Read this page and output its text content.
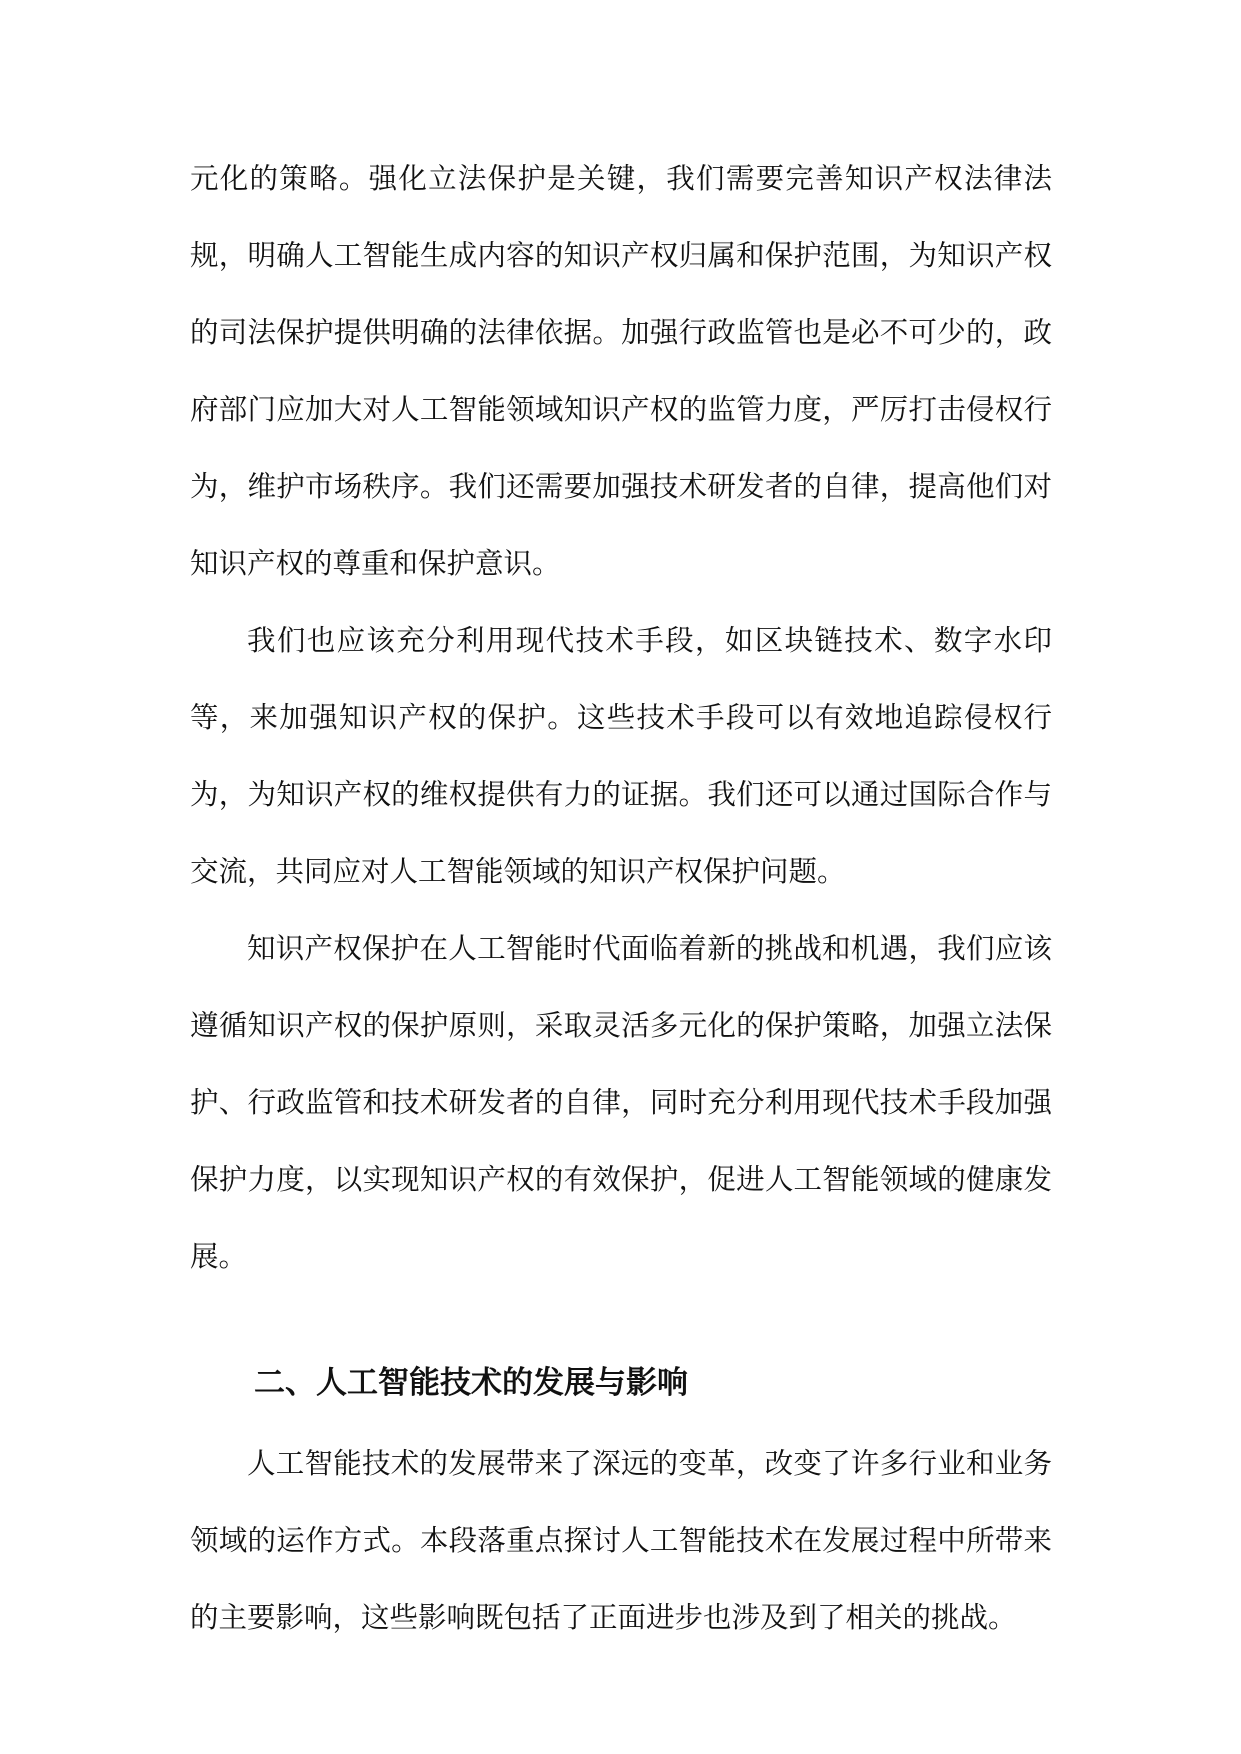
元化的策略。强化立法保护是关键，我们需要完善知识产权法律法规，明确人工智能生成内容的知识产权归属和保护范围，为知识产权的司法保护提供明确的法律依据。加强行政监管也是必不可少的，政府部门应加大对人工智能领域知识产权的监管力度，严厉打击侵权行为，维护市场秩序。我们还需要加强技术研发者的自律，提高他们对知识产权的尊重和保护意识。

我们也应该充分利用现代技术手段，如区块链技术、数字水印等，来加强知识产权的保护。这些技术手段可以有效地追踪侵权行为，为知识产权的维权提供有力的证据。我们还可以通过国际合作与交流，共同应对人工智能领域的知识产权保护问题。

知识产权保护在人工智能时代面临着新的挑战和机遇，我们应该遵循知识产权的保护原则，采取灵活多元化的保护策略，加强立法保护、行政监管和技术研发者的自律，同时充分利用现代技术手段加强保护力度，以实现知识产权的有效保护，促进人工智能领域的健康发展。

二、人工智能技术的发展与影响

人工智能技术的发展带来了深远的变革，改变了许多行业和业务领域的运作方式。本段落重点探讨人工智能技术在发展过程中所带来的主要影响，这些影响既包括了正面进步也涉及到了相关的挑战。
